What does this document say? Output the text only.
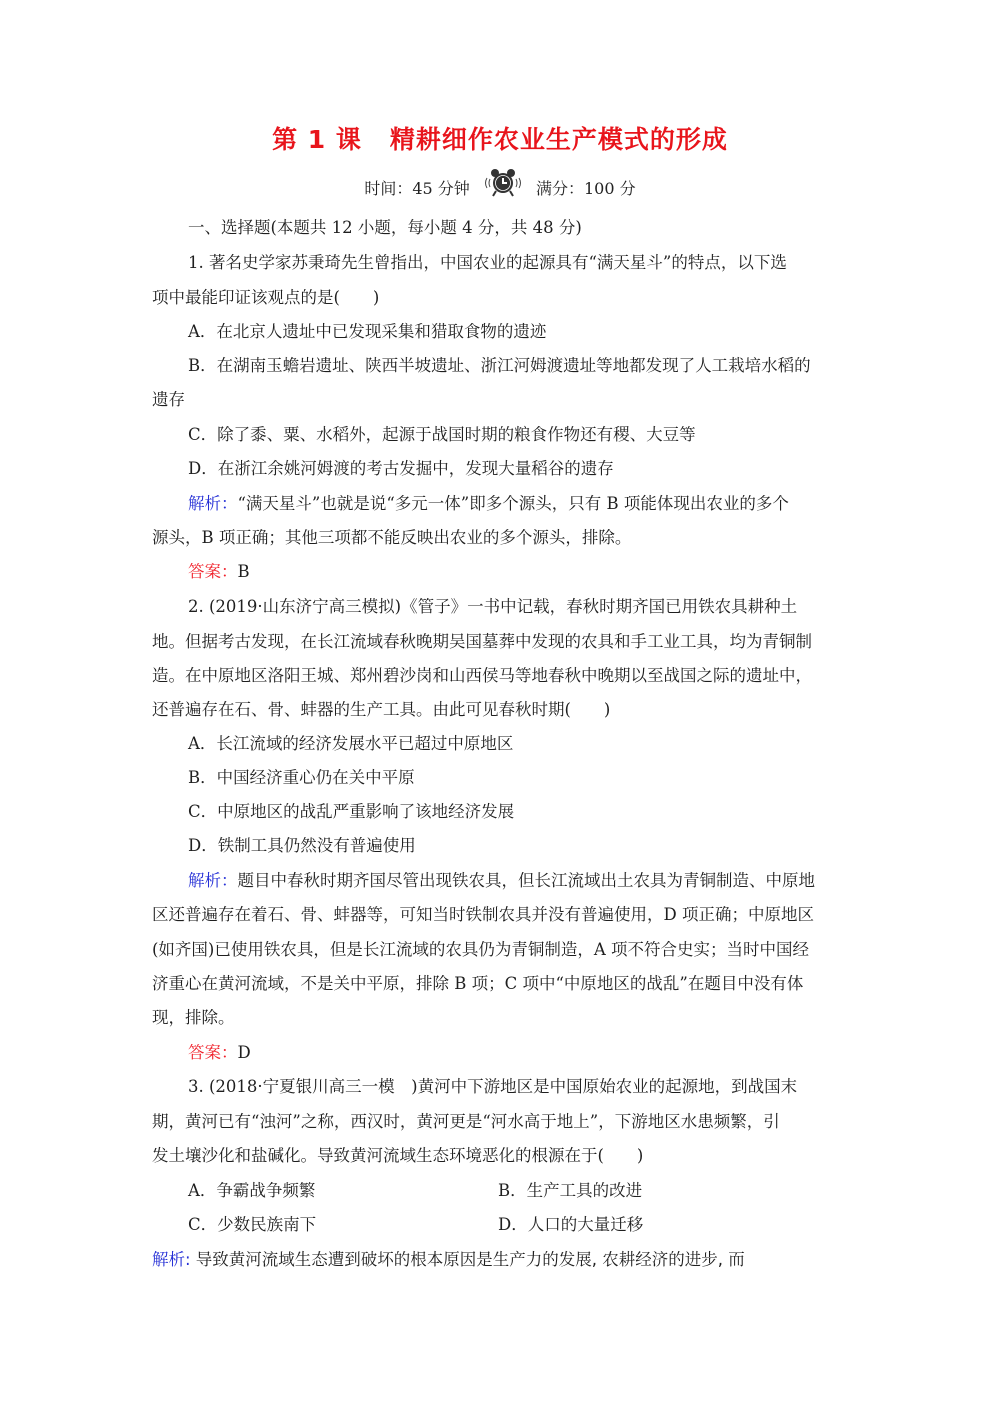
第 1 课 精耕细作农业生产模式的形成
时间：45 分钟	满分：100 分
一、选择题(本题共 12 小题，每小题 4 分，共 48 分)
1. 著名史学家苏秉琦先生曾指出，中国农业的起源具有“满天星斗”的特点，以下选
项中最能印证该观点的是(　　)
A．在北京人遗址中已发现采集和猎取食物的遗迹
B．在湖南玉蟾岩遗址、陕西半坡遗址、浙江河姆渡遗址等地都发现了人工栽培水稻的
遗存
C．除了黍、粟、水稻外，起源于战国时期的粮食作物还有稷、大豆等
D．在浙江余姚河姆渡的考古发掘中，发现大量稻谷的遗存
解析：“满天星斗”也就是说“多元一体”即多个源头，只有 B 项能体现出农业的多个
源头，B 项正确；其他三项都不能反映出农业的多个源头，排除。
答案：B
2. (2019·山东济宁高三模拟)《管子》一书中记载，春秋时期齐国已用铁农具耕种土
地。但据考古发现，在长江流域春秋晚期吴国墓葬中发现的农具和手工业工具，均为青铜制
造。在中原地区洛阳王城、郑州碧沙岗和山西侯马等地春秋中晚期以至战国之际的遗址中，
还普遍存在石、骨、蚌器的生产工具。由此可见春秋时期(　　)
A．长江流域的经济发展水平已超过中原地区
B．中国经济重心仍在关中平原
C．中原地区的战乱严重影响了该地经济发展
D．铁制工具仍然没有普遍使用
解析：题目中春秋时期齐国尽管出现铁农具，但长江流域出土农具为青铜制造、中原地
区还普遍存在着石、骨、蚌器等，可知当时铁制农具并没有普遍使用，D 项正确；中原地区
(如齐国)已使用铁农具，但是长江流域的农具仍为青铜制造，A 项不符合史实；当时中国经
济重心在黄河流域，不是关中平原，排除 B 项；C 项中“中原地区的战乱”在题目中没有体
现，排除。
答案：D
3. (2018·宁夏银川高三一模　)黄河中下游地区是中国原始农业的起源地，到战国末
期，黄河已有“浊河”之称，西汉时，黄河更是“河水高于地上”，下游地区水患频繁，引
发土壤沙化和盐碱化。导致黄河流域生态环境恶化的根源在于(　　)
A．争霸战争频繁	B．生产工具的改进
C．少数民族南下	D．人口的大量迁移
解析: 导致黄河流域生态遭到破坏的根本原因是生产力的发展, 农耕经济的进步, 而
